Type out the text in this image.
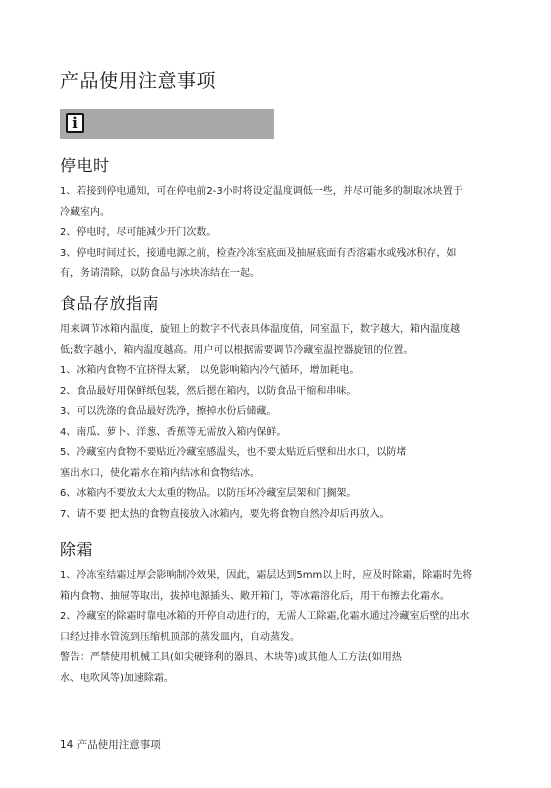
产品使用注意事项
i
停电时

1、若接到停电通知，可在停电前2-3小时将设定温度调低一些，并尽可能多的制取冰块置于

冷藏室内。

2、停电时，尽可能减少开门次数。

3、停电时间过长，接通电源之前，检查冷冻室底面及抽屉底面有否溶霜水或残冰积存，如

有，务请清除，以防食品与冰块冻结在一起。

食品存放指南

用来调节冰箱内温度，旋钮上的数字不代表具体温度值，同室温下，数字越大，箱内温度越

低;数字越小，箱内温度越高。用户可以根据需要调节冷藏室温控器旋钮的位置。

1、冰箱内食物不宜挤得太紧， 以免影响箱内冷气循环，增加耗电。

2、食品最好用保鲜纸包装，然后摁在箱内，以防食品干缩和串味。

3、可以洗涤的食品最好洗净，擦掉水份后储藏。

4、南瓜、萝卜、洋葱、香蕉等无需放入箱内保鲜。

5、冷藏室内食物不要贴近冷藏室感温头，也不要太贴近后壁和出水口，以防堵

塞出水口，使化霜水在箱内结冰和食物结冰。

6、冰箱内不要放太大太重的物品。以防压坏冷藏室层架和门搁架。

7、请不要 把太热的食物直接放入冰箱内，要先将食物自然冷却后再放入。

除霜

1、冷冻室结霜过厚会影响制冷效果，因此，霜层达到5mm以上时，应及时除霜，除霜时先将

箱内食物、抽屉等取出，拔掉电源插头、敞开箱门，等冰霜溶化后，用干布擦去化霜水。

2、冷藏室的除霜时靠电冰箱的开停自动进行的，无需人工除霜,化霜水通过冷藏室后壁的出水

口经过排水管流到压缩机顶部的蒸发皿内，自动蒸发。

警告：严禁使用机械工具(如尖硬锋利的器具、木块等)或其他人工方法(如用热

水、电吹风等)加速除霜。

14 产品使用注意事项
